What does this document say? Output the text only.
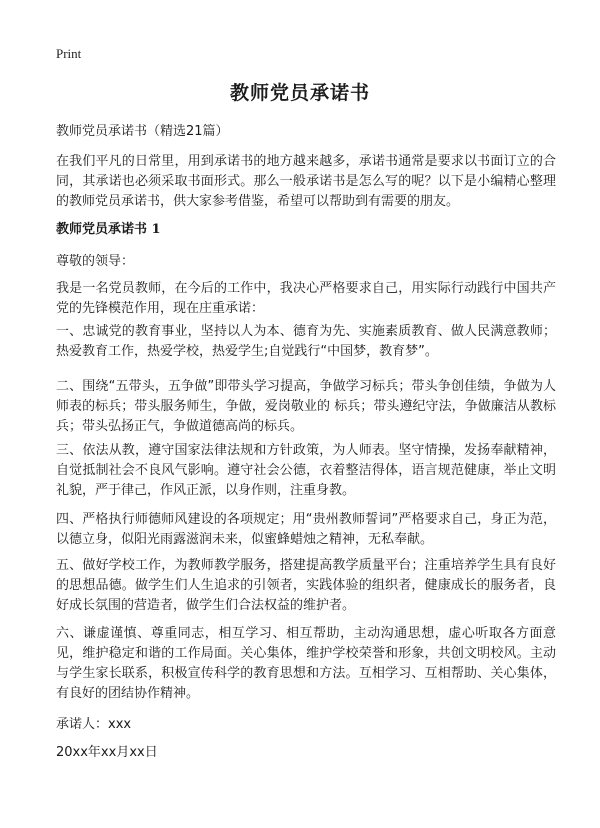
Print
教师党员承诺书
教师党员承诺书（精选21篇）
在我们平凡的日常里，用到承诺书的地方越来越多，承诺书通常是要求以书面订立的合同，其承诺也必须采取书面形式。那么一般承诺书是怎么写的呢？以下是小编精心整理的教师党员承诺书，供大家参考借鉴，希望可以帮助到有需要的朋友。
教师党员承诺书 1
尊敬的领导：
我是一名党员教师，在今后的工作中，我决心严格要求自己，用实际行动践行中国共产党的先锋模范作用，现在庄重承诺：
一、忠诚党的教育事业，坚持以人为本、德育为先、实施素质教育、做人民满意教师；热爱教育工作，热爱学校，热爱学生;自觉践行“中国梦，教育梦”。
二、围绕“五带头，五争做”即带头学习提高，争做学习标兵；带头争创佳绩，争做为人师表的标兵；带头服务师生，争做，爱岗敬业的 标兵；带头遵纪守法，争做廉洁从教标兵；带头弘扬正气，争做道德高尚的标兵。
三、依法从教，遵守国家法律法规和方针政策，为人师表。坚守情操，发扬奉献精神，自觉抵制社会不良风气影响。遵守社会公德，衣着整洁得体，语言规范健康，举止文明礼貌，严于律己，作风正派，以身作则，注重身教。
四、严格执行师德师风建设的各项规定；用“贵州教师誓词”严格要求自己，身正为范，以德立身，似阳光雨露滋润未来，似蜜蜂蜡烛之精神，无私奉献。
五、做好学校工作，为教师教学服务，搭建提高教学质量平台；注重培养学生具有良好的思想品德。做学生们人生追求的引领者，实践体验的组织者，健康成长的服务者，良好成长氛围的营造者，做学生们合法权益的维护者。
六、谦虚谨慎、尊重同志，相互学习、相互帮助，主动沟通思想，虚心听取各方面意见，维护稳定和谐的工作局面。关心集体，维护学校荣誉和形象，共创文明校风。主动与学生家长联系，积极宣传科学的教育思想和方法。互相学习、互相帮助、关心集体，有良好的团结协作精神。
承诺人：xxx
20xx年xx月xx日
